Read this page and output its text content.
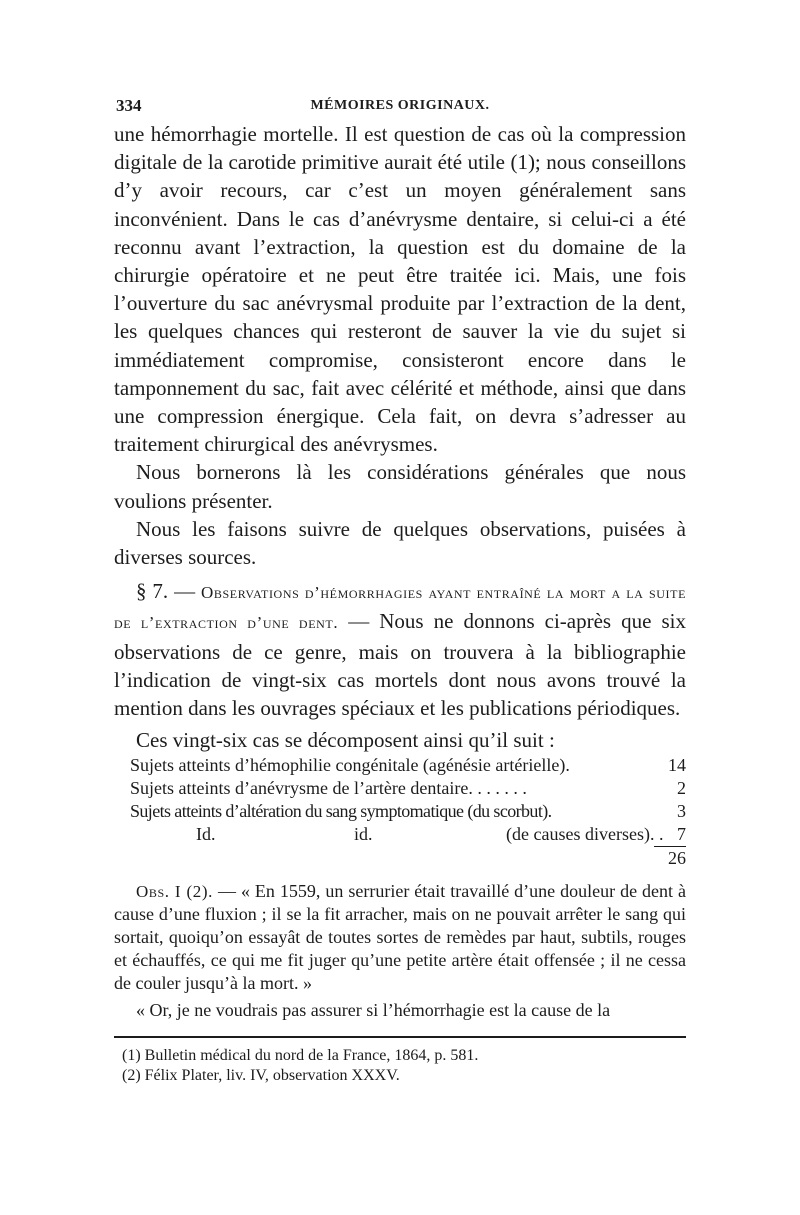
334	MÉMOIRES ORIGINAUX.

une hémorrhagie mortelle. Il est question de cas où la compression digitale de la carotide primitive aurait été utile (1); nous conseillons d’y avoir recours, car c’est un moyen généralement sans inconvénient. Dans le cas d’anévrysme dentaire, si celui-ci a été reconnu avant l’extraction, la question est du domaine de la chirurgie opératoire et ne peut être traitée ici. Mais, une fois l’ouverture du sac anévrysmal produite par l’extraction de la dent, les quelques chances qui resteront de sauver la vie du sujet si immédiatement compromise, consisteront encore dans le tamponnement du sac, fait avec célérité et méthode, ainsi que dans une compression énergique. Cela fait, on devra s’adresser au traitement chirurgical des anévrysmes.

Nous bornerons là les considérations générales que nous voulions présenter.

Nous les faisons suivre de quelques observations, puisées à diverses sources.

§ 7. — Observations d’hémorrhagies ayant entraîné la mort a la suite de l’extraction d’une dent. — Nous ne donnons ci-après que six observations de ce genre, mais on trouvera à la bibliographie l’indication de vingt-six cas mortels dont nous avons trouvé la mention dans les ouvrages spéciaux et les publications périodiques.

Ces vingt-six cas se décomposent ainsi qu’il suit :

Sujets atteints d’hémophilie congénitale (agénésie artérielle).	14
Sujets atteints d’anévrysme de l’artère dentaire. . . . . . .	2
Sujets atteints d’altération du sang symptomatique (du scorbut).	3
Id.	id.	(de causes diverses). . 7
26

Obs. I (2). — « En 1559, un serrurier était travaillé d’une douleur de dent à cause d’une fluxion ; il se la fit arracher, mais on ne pouvait arrêter le sang qui sortait, quoiqu’on essayât de toutes sortes de remèdes par haut, subtils, rouges et échauffés, ce qui me fit juger qu’une petite artère était offensée ; il ne cessa de couler jusqu’à la mort. »

« Or, je ne voudrais pas assurer si l’hémorrhagie est la cause de la

(1) Bulletin médical du nord de la France, 1864, p. 581.

(2) Félix Plater, liv. IV, observation XXXV.
